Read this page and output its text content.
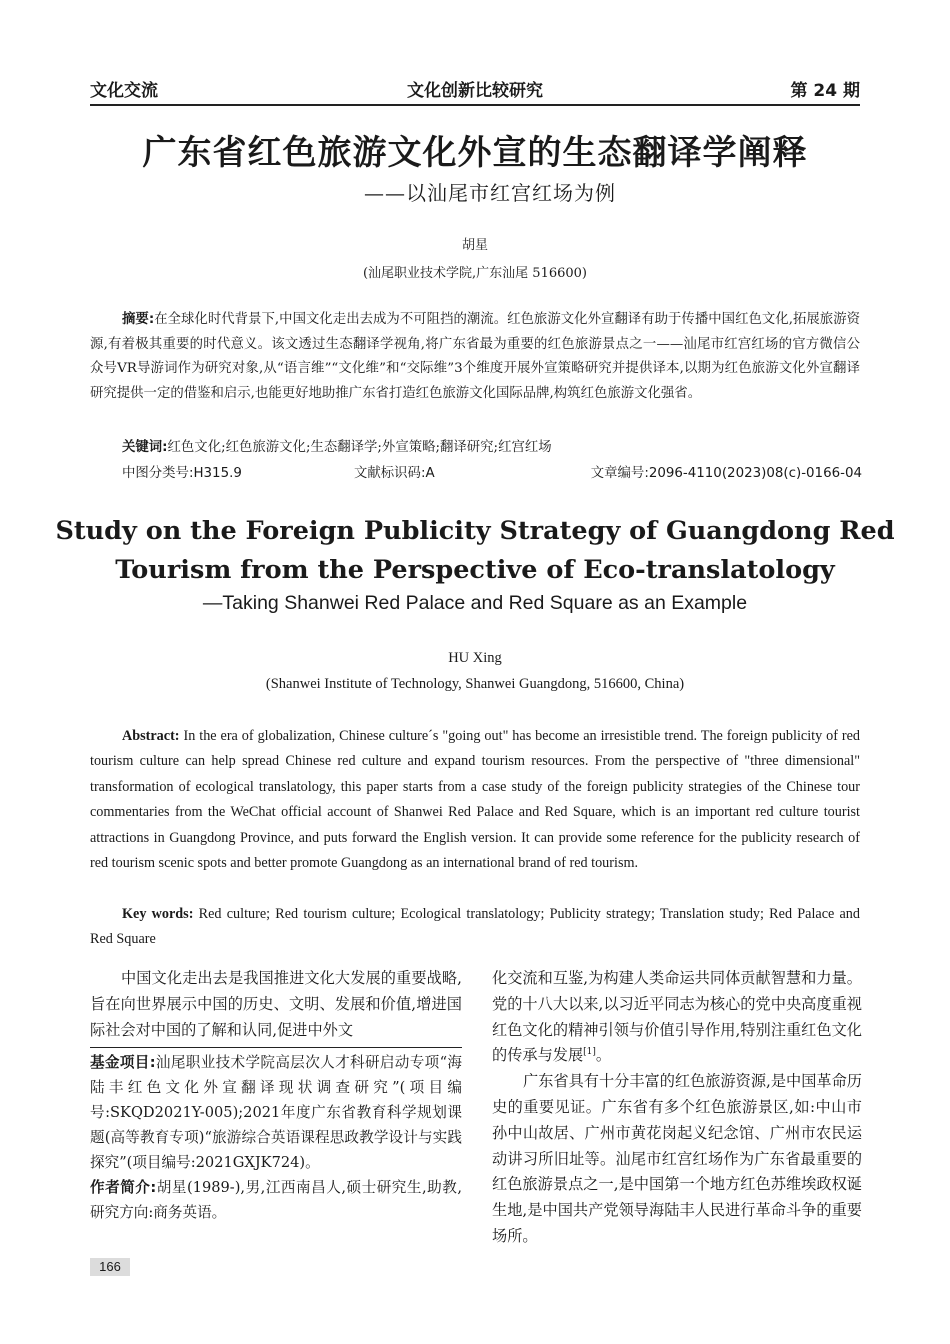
文化创新比较研究
文化交流	第 24 期
广东省红色旅游文化外宣的生态翻译学阐释
——以汕尾市红宫红场为例
胡星
(汕尾职业技术学院,广东汕尾 516600)
摘要:在全球化时代背景下,中国文化走出去成为不可阻挡的潮流。红色旅游文化外宣翻译有助于传播中国红色文化,拓展旅游资源,有着极其重要的时代意义。该文透过生态翻译学视角,将广东省最为重要的红色旅游景点之一——汕尾市红宫红场的官方微信公众号VR导游词作为研究对象,从“语言维”“文化维”和“交际维”3个维度开展外宣策略研究并提供译本,以期为红色旅游文化外宣翻译研究提供一定的借鉴和启示,也能更好地助推广东省打造红色旅游文化国际品牌,构筑红色旅游文化强省。
关键词:红色文化;红色旅游文化;生态翻译学;外宣策略;翻译研究;红宫红场
中图分类号:H315.9	文献标识码:A	文章编号:2096-4110(2023)08(c)-0166-04
Study on the Foreign Publicity Strategy of Guangdong Red
Tourism from the Perspective of Eco-translatology
—Taking Shanwei Red Palace and Red Square as an Example
HU Xing
(Shanwei Institute of Technology, Shanwei Guangdong, 516600, China)
Abstract: In the era of globalization, Chinese culture´s "going out" has become an irresistible trend. The foreign publicity of red tourism culture can help spread Chinese red culture and expand tourism resources. From the perspective of "three dimensional" transformation of ecological translatology, this paper starts from a case study of the foreign publicity strategies of the Chinese tour commentaries from the WeChat official account of Shanwei Red Palace and Red Square, which is an important red culture tourist attractions in Guangdong Province, and puts forward the English version. It can provide some reference for the publicity research of red tourism scenic spots and better promote Guangdong as an international brand of red tourism.
Key words: Red culture; Red tourism culture; Ecological translatology; Publicity strategy; Translation study; Red Palace and Red Square

中国文化走出去是我国推进文化大发展的重要战略,旨在向世界展示中国的历史、文明、发展和价值,增进国际社会对中国的了解和认同,促进中外文

基金项目:汕尾职业技术学院高层次人才科研启动专项“海陆丰红色文化外宣翻译现状调查研究”(项目编号:SKQD2021Y-005);2021年度广东省教育科学规划课题(高等教育专项)“旅游综合英语课程思政教学设计与实践探究”(项目编号:2021GXJK724)。

作者简介:胡星(1989-),男,江西南昌人,硕士研究生,助教,研究方向:商务英语。

化交流和互鉴,为构建人类命运共同体贡献智慧和力量。党的十八大以来,以习近平同志为核心的党中央高度重视红色文化的精神引领与价值引导作用,特别注重红色文化的传承与发展[1]。

广东省具有十分丰富的红色旅游资源,是中国革命历史的重要见证。广东省有多个红色旅游景区,如:中山市孙中山故居、广州市黄花岗起义纪念馆、广州市农民运动讲习所旧址等。汕尾市红宫红场作为广东省最重要的红色旅游景点之一,是中国第一个地方红色苏维埃政权诞生地,是中国共产党领导海陆丰人民进行革命斗争的重要场所。

166
